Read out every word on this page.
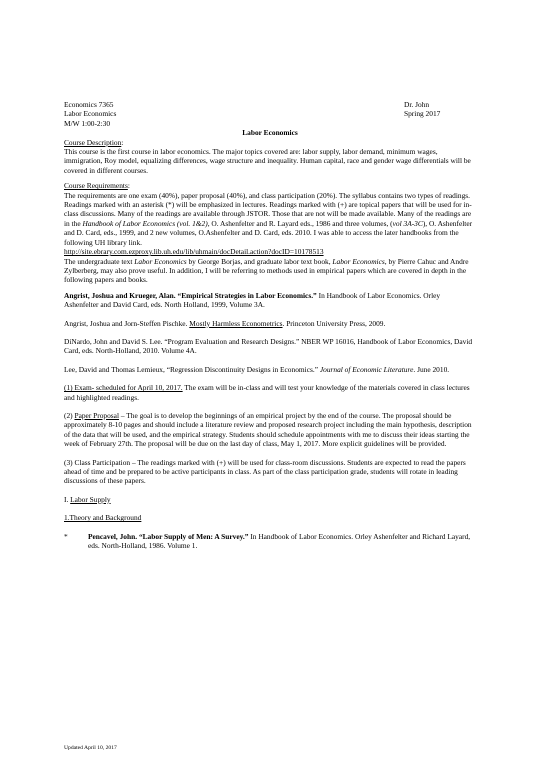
Economics 7365	Dr. John
Labor Economics	Spring 2017
M/W 1:00-2:30
Labor Economics
Course Description:

This course is the first course in labor economics. The major topics covered are: labor supply, labor demand, minimum wages, immigration, Roy model, equalizing differences, wage structure and inequality. Human capital, race and gender wage differentials will be covered in different courses.

Course Requirements:

The requirements are one exam (40%), paper proposal (40%), and class participation (20%). The syllabus contains two types of readings. Readings marked with an asterisk (*) will be emphasized in lectures. Readings marked with (+) are topical papers that will be used for in-class discussions. Many of the readings are available through JSTOR. Those that are not will be made available. Many of the readings are in the Handbook of Labor Economics (vol. 1&2), O. Ashenfelter and R. Layard eds., 1986 and three volumes, (vol 3A-3C), O. Ashenfelter and D. Card, eds., 1999, and 2 new volumes, O.Ashenfelter and D. Card, eds. 2010. I was able to access the later handbooks from the following UH library link.
http://site.ebrary.com.ezproxy.lib.uh.edu/lib/uhmain/docDetail.action?docID=10178513
The undergraduate text Labor Economics by George Borjas, and graduate labor text book, Labor Economics, by Pierre Cahuc and Andre Zylberberg, may also prove useful. In addition, I will be referring to methods used in empirical papers which are covered in depth in the following papers and books.

Angrist, Joshua and Krueger, Alan. “Empirical Strategies in Labor Economics.” In Handbook of Labor Economics. Orley Ashenfelter and David Card, eds. North Holland, 1999, Volume 3A.

Angrist, Joshua and Jorn-Steffen Pischke. Mostly Harmless Econometrics. Princeton University Press, 2009.

DiNardo, John and David S. Lee. “Program Evaluation and Research Designs.” NBER WP 16016, Handbook of Labor Economics, David Card, eds. North-Holland, 2010. Volume 4A.

Lee, David and Thomas Lemieux, “Regression Discontinuity Designs in Economics.” Journal of Economic Literature. June 2010.

(1) Exam- scheduled for April 10, 2017. The exam will be in-class and will test your knowledge of the materials covered in class lectures and highlighted readings.

(2) Paper Proposal – The goal is to develop the beginnings of an empirical project by the end of the course. The proposal should be approximately 8-10 pages and should include a literature review and proposed research project including the main hypothesis, description of the data that will be used, and the empirical strategy. Students should schedule appointments with me to discuss their ideas starting the week of February 27th. The proposal will be due on the last day of class, May 1, 2017. More explicit guidelines will be provided.

(3) Class Participation – The readings marked with (+) will be used for class-room discussions. Students are expected to read the papers ahead of time and be prepared to be active participants in class. As part of the class participation grade, students will rotate in leading discussions of these papers.

I. Labor Supply

1.Theory and Background

*	Pencavel, John. “Labor Supply of Men: A Survey.” In Handbook of Labor Economics. Orley Ashenfelter and Richard Layard, eds. North-Holland, 1986. Volume 1.

Updated April 10, 2017
